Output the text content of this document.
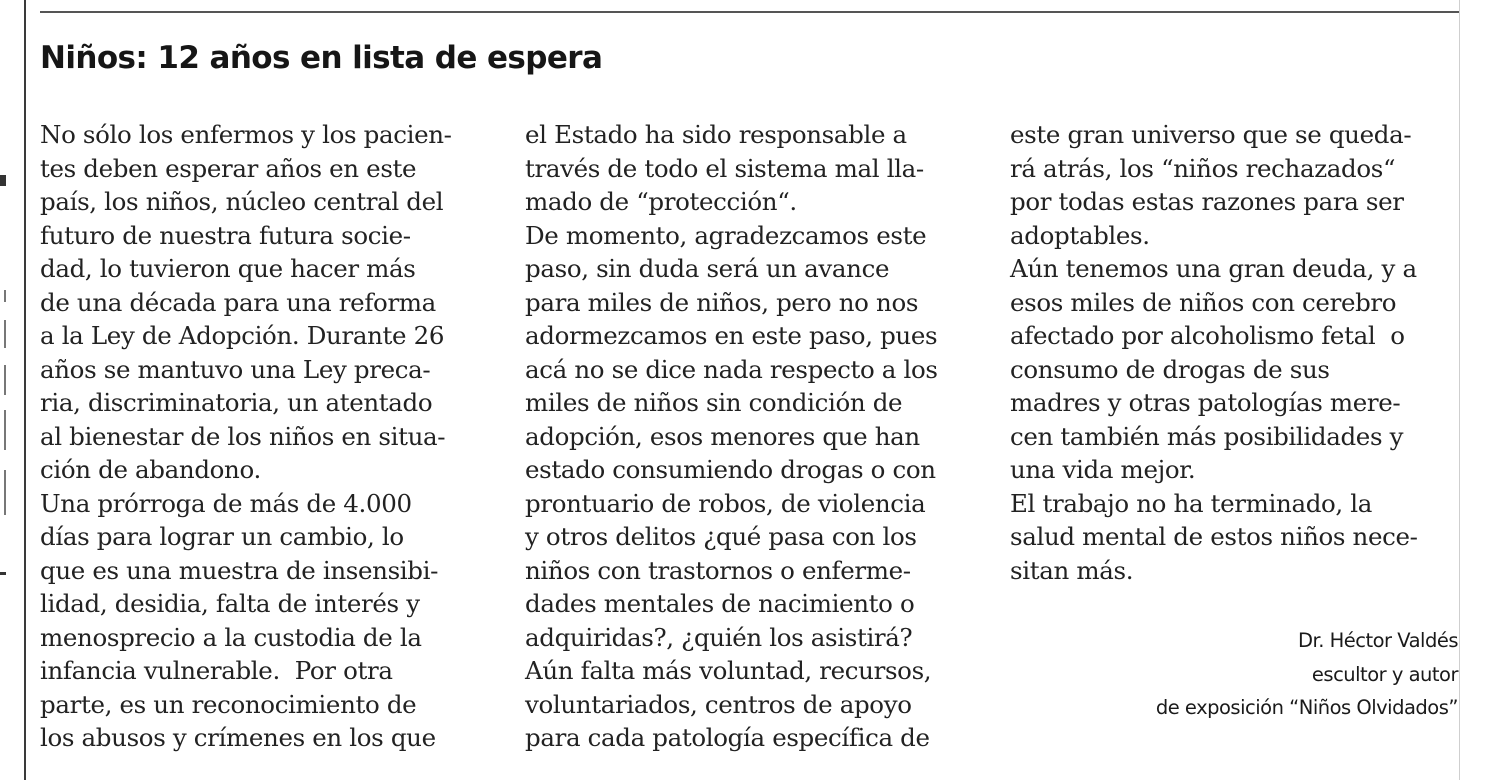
Niños: 12 años en lista de espera
No sólo los enfermos y los pacien-
tes deben esperar años en este
país, los niños, núcleo central del
futuro de nuestra futura socie-
dad, lo tuvieron que hacer más
de una década para una reforma
a la Ley de Adopción. Durante 26
años se mantuvo una Ley preca-
ria, discriminatoria, un atentado
al bienestar de los niños en situa-
ción de abandono.
Una prórroga de más de 4.000
días para lograr un cambio, lo
que es una muestra de insensibi-
lidad, desidia, falta de interés y
menosprecio a la custodia de la
infancia vulnerable.  Por otra
parte, es un reconocimiento de
los abusos y crímenes en los que
el Estado ha sido responsable a
través de todo el sistema mal lla-
mado de “protección“.
De momento, agradezcamos este
paso, sin duda será un avance
para miles de niños, pero no nos
adormezcamos en este paso, pues
acá no se dice nada respecto a los
miles de niños sin condición de
adopción, esos menores que han
estado consumiendo drogas o con
prontuario de robos, de violencia
y otros delitos ¿qué pasa con los
niños con trastornos o enferme-
dades mentales de nacimiento o
adquiridas?, ¿quién los asistirá?
Aún falta más voluntad, recursos,
voluntariados, centros de apoyo
para cada patología específica de
este gran universo que se queda-
rá atrás, los “niños rechazados“
por todas estas razones para ser
adoptables.
Aún tenemos una gran deuda, y a
esos miles de niños con cerebro
afectado por alcoholismo fetal  o
consumo de drogas de sus
madres y otras patologías mere-
cen también más posibilidades y
una vida mejor.
El trabajo no ha terminado, la
salud mental de estos niños nece-
sitan más.
Dr. Héctor Valdés
escultor y autor
de exposición “Niños Olvidados”
